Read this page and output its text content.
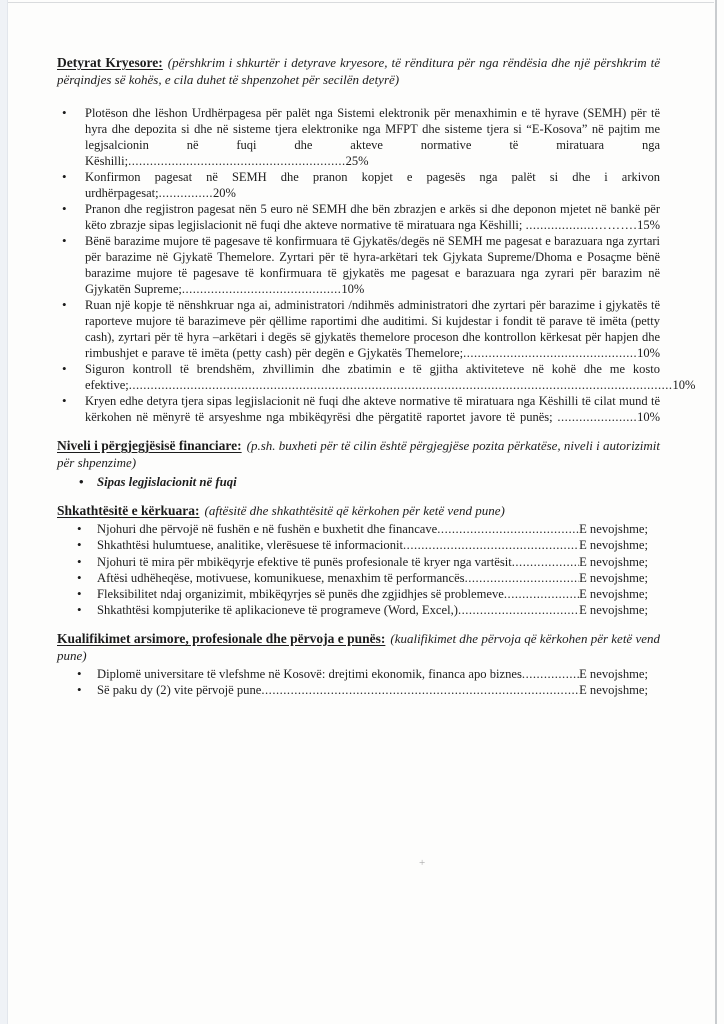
+

Detyrat Kryesore: (përshkrim i shkurtër i detyrave kryesore, të rënditura për nga rëndësia dhe një përshkrim të përqindjes së kohës, e cila duhet të shpenzohet për secilën detyrë)

• Plotëson dhe lëshon Urdhërpagesa për palët nga Sistemi elektronik për menaxhimin e të hyrave (SEMH) për të hyra dhe depozita si dhe në sisteme tjera elektronike nga MFPT dhe sisteme tjera si “E-Kosova” në pajtim me legjsalcionin në fuqi dhe akteve normative të miratuara nga Këshilli;............................................................25%
• Konfirmon pagesat në SEMH dhe pranon kopjet e pagesës nga palët si dhe i arkivon urdhërpagesat;...............20%
• Pranon dhe regjistron pagesat nën 5 euro në SEMH dhe bën zbrazjen e arkës si dhe deponon mjetet në bankë për këto zbrazje sipas legjislacionit në fuqi dhe akteve normative të miratuara nga Këshilli; ...................……….15%
• Bënë barazime mujore të pagesave të konfirmuara të Gjykatës/degës në SEMH me pagesat e barazuara nga zyrtari për barazime në Gjykatë Themelore. Zyrtari për të hyra-arkëtari tek Gjykata Supreme/Dhoma e Posaçme bënë barazime mujore të pagesave të konfirmuara të gjykatës me pagesat e barazuara nga zyrari për barazim në Gjykatën Supreme;............................................10%
• Ruan një kopje të nënshkruar nga ai, administratori /ndihmës administratori dhe zyrtari për barazime i gjykatës të raporteve mujore të barazimeve për qëllime raportimi dhe auditimi. Si kujdestar i fondit të parave të imëta (petty cash), zyrtari për të hyra –arkëtari i degës së gjykatës themelore proceson dhe kontrollon kërkesat për hapjen dhe rimbushjet e parave të imëta (petty cash) për degën e Gjykatës Themelore;................................................10%
• Siguron kontroll të brendshëm, zhvillimin dhe zbatimin e të gjitha aktiviteteve në kohë dhe me kosto efektive;......................................................................................................................................................10%
• Kryen edhe detyra tjera sipas legjislacionit në fuqi dhe akteve normative të miratuara nga Këshilli të cilat mund të kërkohen në mënyrë të arsyeshme nga mbikëqyrësi dhe përgatitë raportet javore të punës; ......................10%

Niveli i përgjegjësisë financiare: (p.sh. buxheti për të cilin është përgjegjëse pozita përkatëse, niveli i autorizimit për shpenzime)

• Sipas legjislacionit në fuqi

Shkathtësitë e kërkuara: (aftësitë dhe shkathtësitë që kërkohen për ketë vend pune)

• Njohuri dhe përvojë në fushën e në fushën e buxhetit dhe financave .....	E nevojshme;
• Shkathtësi hulumtuese, analitike, vlerësuese të informacionit .....	E nevojshme;
• Njohuri të mira për mbikëqyrje efektive të punës profesionale të kryer nga vartësit .....	E nevojshme;
• Aftësi udhëheqëse, motivuese, komunikuese, menaxhim të performancës .....	E nevojshme;
• Fleksibilitet ndaj organizimit, mbikëqyrjes së punës dhe zgjidhjes së problemeve .....	E nevojshme;
• Shkathtësi kompjuterike të aplikacioneve të programeve (Word, Excel,) .....	E nevojshme;

Kualifikimet arsimore, profesionale dhe përvoja e punës: (kualifikimet dhe përvoja që kërkohen për ketë vend pune)

• Diplomë universitare të vlefshme në Kosovë: drejtimi ekonomik, financa apo biznes .....	E nevojshme;
• Së paku dy (2) vite përvojë pune .....	E nevojshme;
